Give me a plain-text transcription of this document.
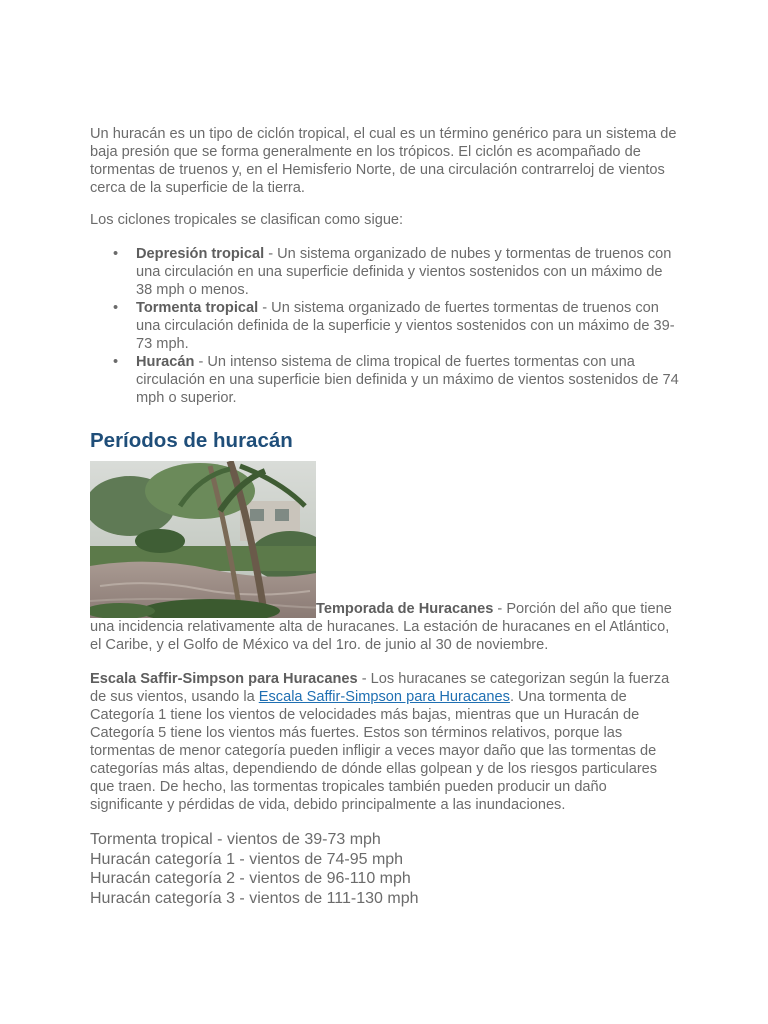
Un huracán es un tipo de ciclón tropical, el cual es un término genérico para un sistema de baja presión que se forma generalmente en los trópicos. El ciclón es acompañado de tormentas de truenos y, en el Hemisferio Norte, de una circulación contrarreloj de vientos cerca de la superficie de la tierra.

Los ciclones tropicales se clasifican como sigue:

• Depresión tropical - Un sistema organizado de nubes y tormentas de truenos con una circulación en una superficie definida y vientos sostenidos con un máximo de 38 mph o menos.
• Tormenta tropical - Un sistema organizado de fuertes tormentas de truenos con una circulación definida de la superficie y vientos sostenidos con un máximo de 39-73 mph.
• Huracán - Un intenso sistema de clima tropical de fuertes tormentas con una circulación en una superficie bien definida y un máximo de vientos sostenidos de 74 mph o superior.
Períodos de huracán
Temporada de Huracanes - Porción del año que tiene una incidencia relativamente alta de huracanes. La estación de huracanes en el Atlántico, el Caribe, y el Golfo de México va del 1ro. de junio al 30 de noviembre.

Escala Saffir-Simpson para Huracanes - Los huracanes se categorizan según la fuerza de sus vientos, usando la Escala Saffir-Simpson para Huracanes. Una tormenta de Categoría 1 tiene los vientos de velocidades más bajas, mientras que un Huracán de Categoría 5 tiene los vientos más fuertes. Estos son términos relativos, porque las tormentas de menor categoría pueden infligir a veces mayor daño que las tormentas de categorías más altas, dependiendo de dónde ellas golpean y de los riesgos particulares que traen. De hecho, las tormentas tropicales también pueden producir un daño significante y pérdidas de vida, debido principalmente a las inundaciones.

Tormenta tropical - vientos de 39-73 mph
Huracán categoría 1 - vientos de 74-95 mph
Huracán categoría 2 - vientos de 96-110 mph
Huracán categoría 3 - vientos de 111-130 mph
